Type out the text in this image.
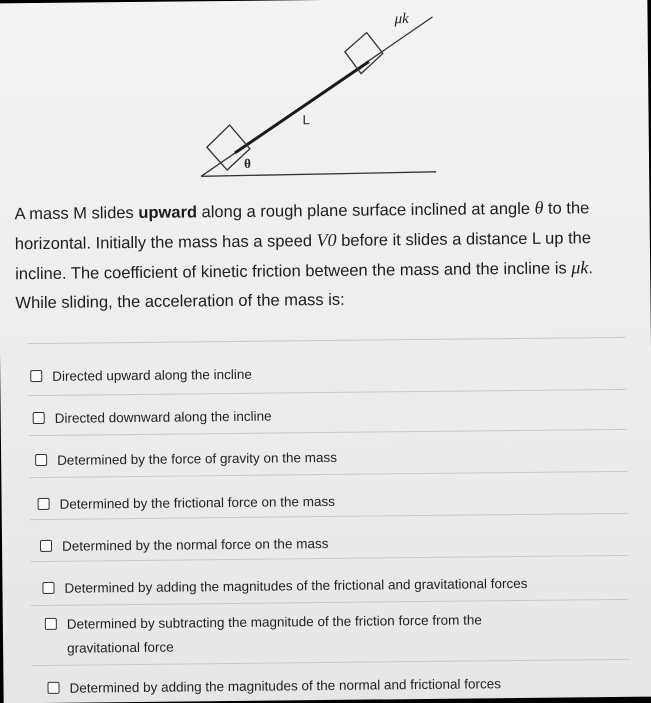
μk
L
θ
A mass M slides upward along a rough plane surface inclined at angle θ to the horizontal. Initially the mass has a speed V0 before it slides a distance L up the incline. The coefficient of kinetic friction between the mass and the incline is μk. While sliding, the acceleration of the mass is:
Directed upward along the incline
Directed downward along the incline
Determined by the force of gravity on the mass
Determined by the frictional force on the mass
Determined by the normal force on the mass
Determined by adding the magnitudes of the frictional and gravitational forces
Determined by subtracting the magnitude of the friction force from the gravitational force
Determined by adding the magnitudes of the normal and frictional forces
